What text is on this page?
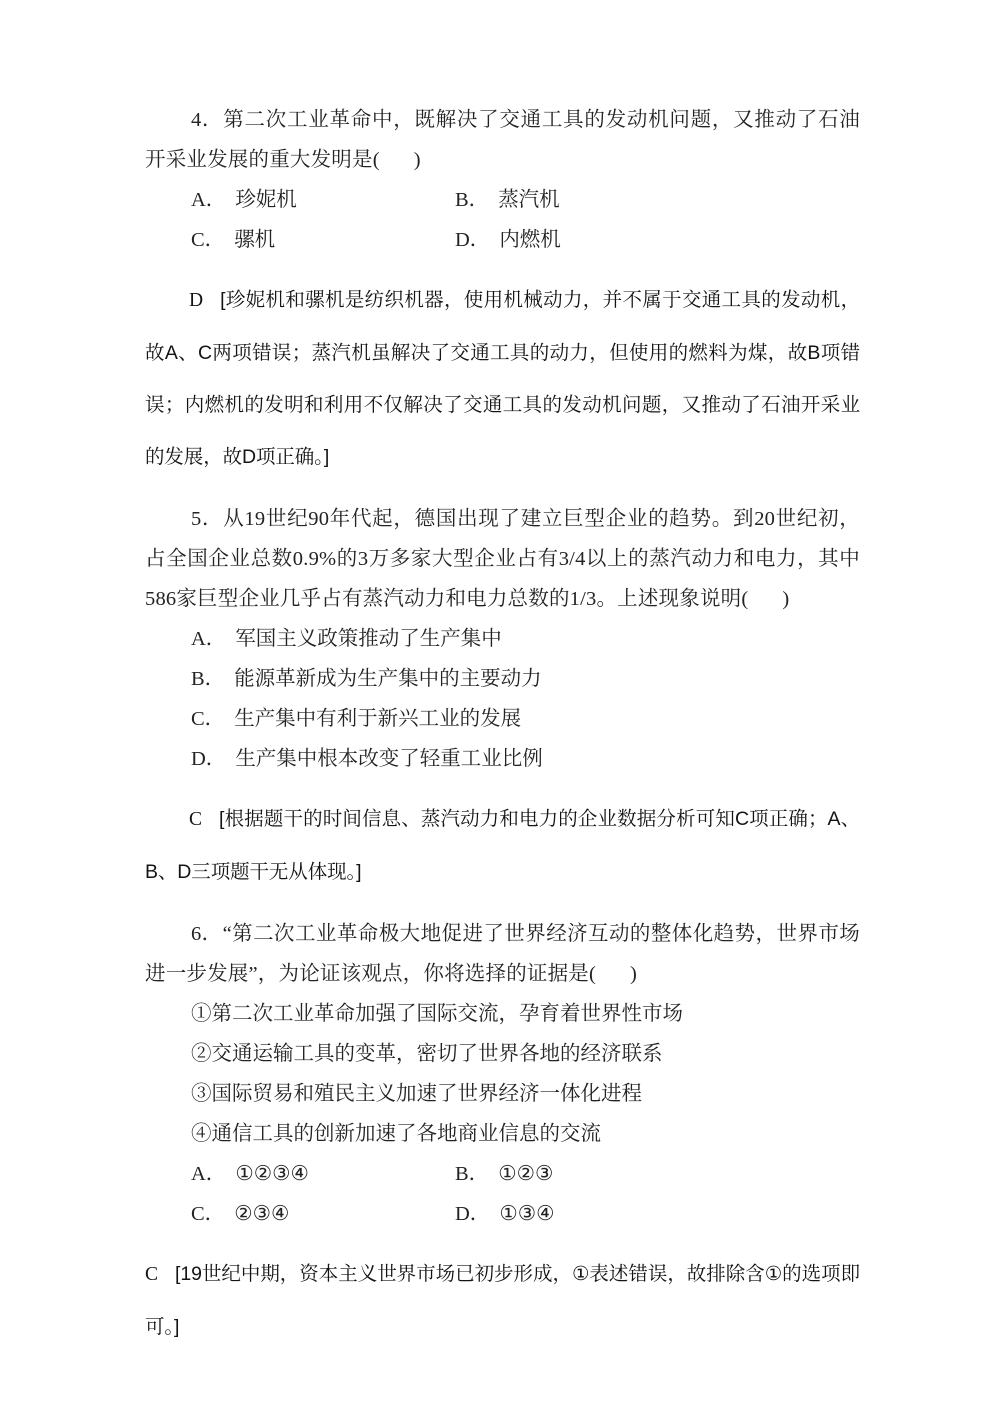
4．第二次工业革命中，既解决了交通工具的发动机问题，又推动了石油开采业发展的重大发明是( )

A． 珍妮机	B． 蒸汽机
C． 骡机	D． 内燃机

D [珍妮机和骡机是纺织机器，使用机械动力，并不属于交通工具的发动机，故A、C两项错误；蒸汽机虽解决了交通工具的动力，但使用的燃料为煤，故B项错误；内燃机的发明和利用不仅解决了交通工具的发动机问题，又推动了石油开采业的发展，故D项正确。]

5．从19世纪90年代起，德国出现了建立巨型企业的趋势。到20世纪初，占全国企业总数0.9%的3万多家大型企业占有3/4以上的蒸汽动力和电力，其中586家巨型企业几乎占有蒸汽动力和电力总数的1/3。上述现象说明( )

A． 军国主义政策推动了生产集中
B． 能源革新成为生产集中的主要动力
C． 生产集中有利于新兴工业的发展
D． 生产集中根本改变了轻重工业比例

C [根据题干的时间信息、蒸汽动力和电力的企业数据分析可知C项正确；A、B、D三项题干无从体现。]

6．“第二次工业革命极大地促进了世界经济互动的整体化趋势，世界市场进一步发展”，为论证该观点，你将选择的证据是( )

①第二次工业革命加强了国际交流，孕育着世界性市场
②交通运输工具的变革，密切了世界各地的经济联系
③国际贸易和殖民主义加速了世界经济一体化进程
④通信工具的创新加速了各地商业信息的交流
A． ①②③④	B． ①②③
C． ②③④	D． ①③④

C [19世纪中期，资本主义世界市场已初步形成，①表述错误，故排除含①的选项即可。]
